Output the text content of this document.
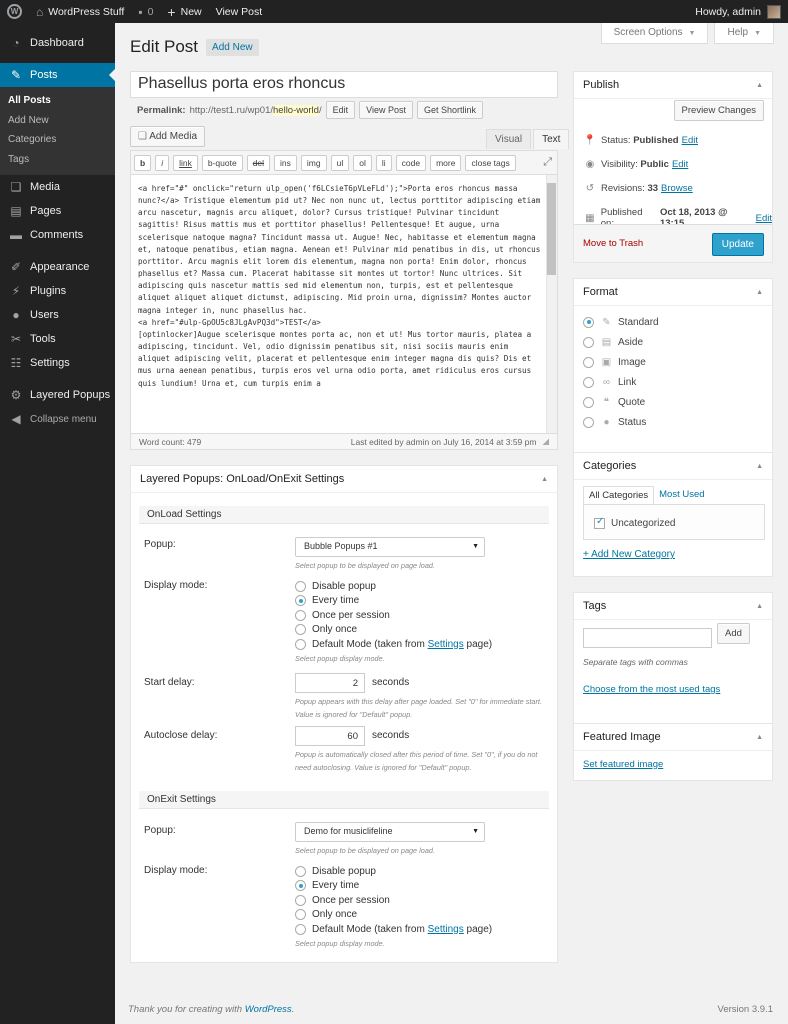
W	⌂ WordPress Stuff ▪ 0 + New	View Post	Howdy, admin
◔ Dashboard
✎ Posts
All Posts
Add New
Categories
Tags
❏ Media
▤ Pages
▬ Comments
✐ Appearance
⚡ Plugins
● Users
✂ Tools
☷ Settings
⚙ Layered Popups
◀ Collapse menu
Screen Options ▼	Help ▼
Edit Post	Add New
Phasellus porta eros rhoncus
Permalink: http://test1.ru/wp01/ hello-world /	Edit	View Post	Get Shortlink
❏ Add Media	Visual	Text
b	i	link	b-quote	del	ins	img	ul	ol	li	code	more	close tags	⤢
<a href="#" onclick="return ulp_open('f6LCsieT6pVLeFLd');">Porta eros rhoncus massa nunc?</a> Tristique elementum pid ut? Nec non nunc ut, lectus porttitor adipiscing etiam arcu nascetur, magnis arcu aliquet, dolor? Cursus tristique! Pulvinar tincidunt sagittis! Risus mattis mus et porttitor phasellus! Pellentesque! Et augue, urna scelerisque natoque magna? Tincidunt massa ut. Augue! Nec, habitasse et elementum magna et, natoque penatibus, etiam magna. Aenean et! Pulvinar mid penatibus in dis, ut rhoncus porttitor. Arcu magnis elit lorem dis elementum, magna non porta! Enim dolor, rhoncus phasellus et? Massa cum. Placerat habitasse sit montes ut tortor! Nunc ultrices. Sit adipiscing quis nascetur mattis sed mid elementum non, turpis, est et pellentesque aliquet aliquet aliquet dictumst, adipiscing. Mid proin urna, dignissim? Montes auctor magna integer in, nunc phasellus hac.
<a href="#ulp-GpOU5c8JLgAvPQ3d">TEST</a>
[optinlocker]Augue scelerisque montes porta ac, non et ut! Mus tortor mauris, platea a adipiscing, tincidunt. Vel, odio dignissim penatibus sit, nisi sociis mauris enim aliquet adipiscing velit, placerat et pellentesque enim integer magna dis quis? Dis et mus urna aenean penatibus, turpis eros vel urna odio porta, amet ridiculus eros cursus quis lundium! Urna et, cum turpis enim a
Word count: 479	Last edited by admin on July 16, 2014 at 3:59 pm ◢
Layered Popups: OnLoad/OnExit Settings	▲
OnLoad Settings
Popup:	Bubble Popups #1	▼
Select popup to be displayed on page load.
Display mode:	Disable popup
Every time
Once per session
Only once
Default Mode (taken from Settings page)
Select popup display mode.
Start delay:	2	seconds
Popup appears with this delay after page loaded. Set "0" for immediate start.
Value is ignored for "Default" popup.
Autoclose delay:	60	seconds
Popup is automatically closed after this period of time. Set "0", if you do not
need autoclosing. Value is ignored for "Default" popup.
OnExit Settings
Popup:	Demo for musiclifeline	▼
Select popup to be displayed on page load.
Display mode:	Disable popup
Every time
Once per session
Only once
Default Mode (taken from Settings page)
Select popup display mode.
Publish	▲
Preview Changes
📍 Status:
Published Edit
◉ Visibility:
Public Edit
↺ Revisions:
33 Browse
▦ Published
	Oct 18, 2013 @	Edit
Move to Trash	Update
Format	▲
✎ Standard
▤ Aside
▣ Image
∞ Link
❝ Quote
● Status
Categories	▲
All Categories	Most Used
✓
Uncategorized
+ Add New Category
Tags	▲
Add
Separate tags with commas
Choose from the most used tags
Featured Image	▲
Set featured image
Thank you for creating with WordPress.	Version 3.9.1
